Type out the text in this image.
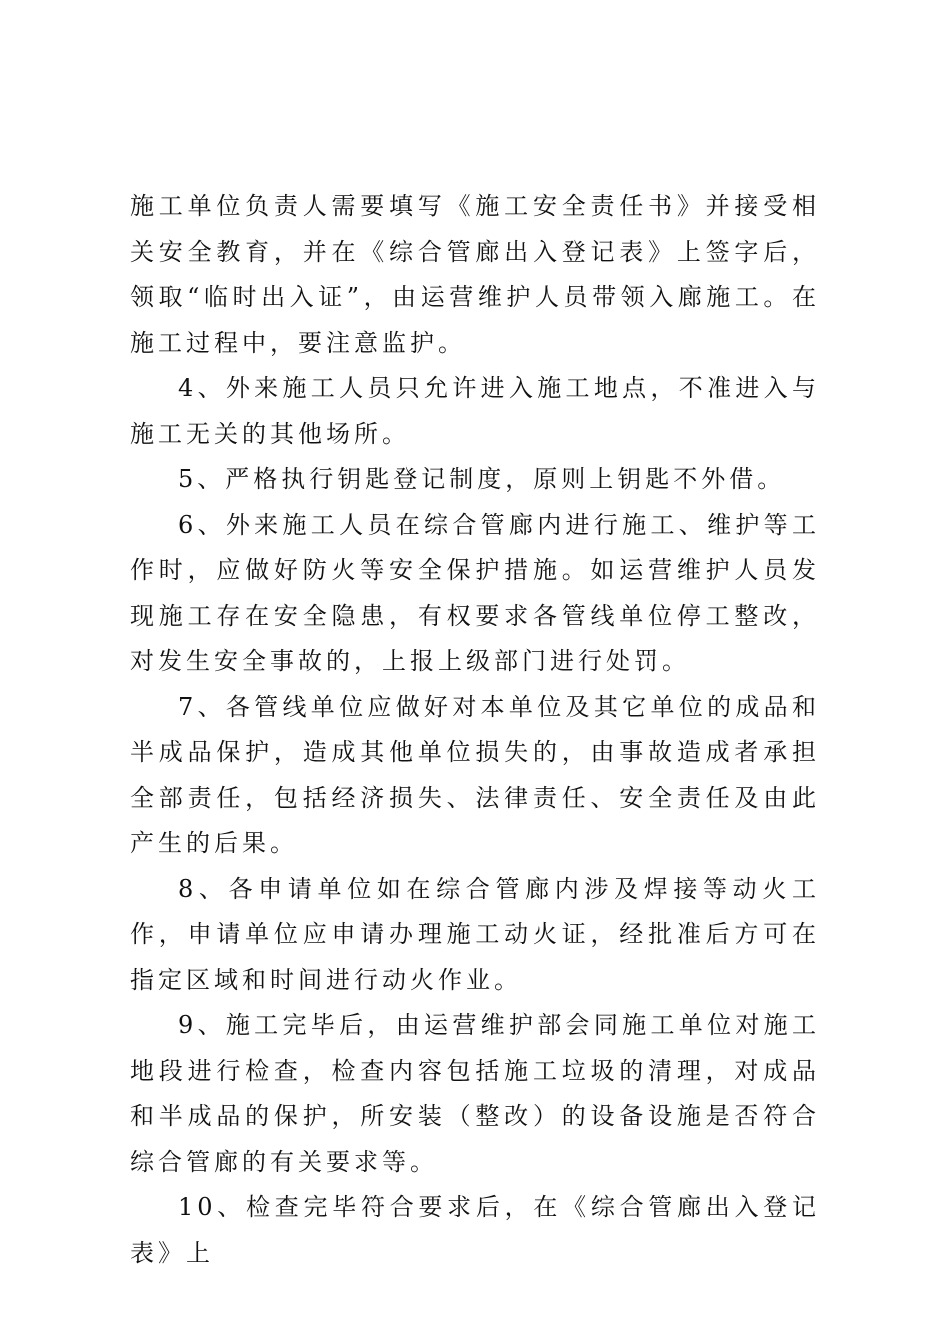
施工单位负责人需要填写《施工安全责任书》并接受相关安全教育，并在《综合管廊出入登记表》上签字后，领取“临时出入证”，由运营维护人员带领入廊施工。在施工过程中，要注意监护。

4、外来施工人员只允许进入施工地点，不准进入与施工无关的其他场所。

5、严格执行钥匙登记制度，原则上钥匙不外借。

6、外来施工人员在综合管廊内进行施工、维护等工作时，应做好防火等安全保护措施。如运营维护人员发现施工存在安全隐患，有权要求各管线单位停工整改，对发生安全事故的，上报上级部门进行处罚。

7、各管线单位应做好对本单位及其它单位的成品和半成品保护，造成其他单位损失的，由事故造成者承担全部责任，包括经济损失、法律责任、安全责任及由此产生的后果。

8、各申请单位如在综合管廊内涉及焊接等动火工作，申请单位应申请办理施工动火证，经批准后方可在指定区域和时间进行动火作业。

9、施工完毕后，由运营维护部会同施工单位对施工地段进行检查，检查内容包括施工垃圾的清理，对成品和半成品的保护，所安装（整改）的设备设施是否符合综合管廊的有关要求等。

10、检查完毕符合要求后，在《综合管廊出入登记表》上
